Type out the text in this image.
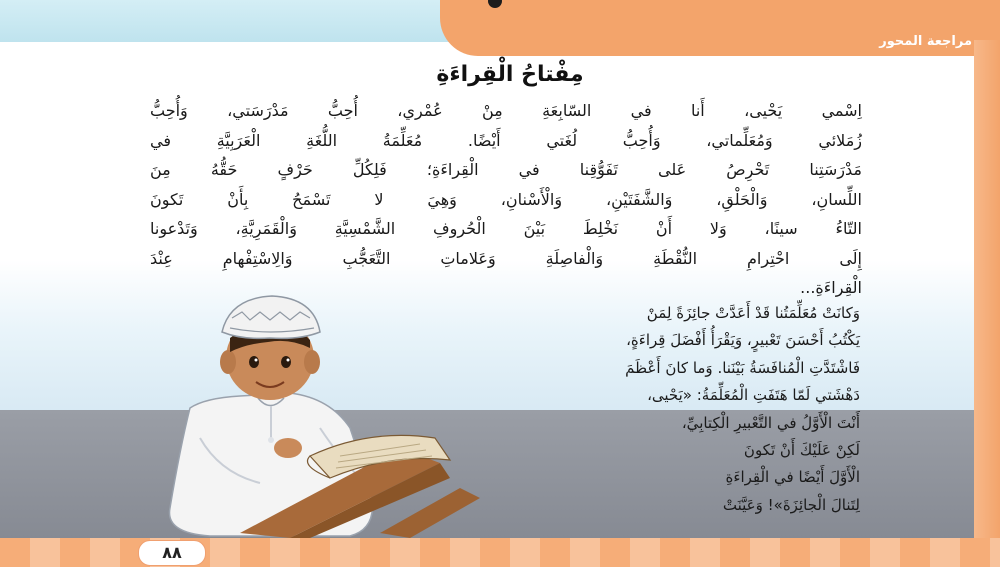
مراجعة المحور
مِفْتاحُ الْقِراءَةِ
اِسْمي يَحْيى، أَنا في السّابِعَةِ مِنْ عُمْري، أُحِبُّ مَدْرَسَتي، وَأُحِبُّ
زُمَلائي وَمُعَلِّماتي، وَأُحِبُّ لُغَتي أَيْضًا. مُعَلِّمَةُ اللُّغَةِ الْعَرَبِيَّةِ في
مَدْرَسَتِنا تَحْرِصُ عَلى تَفَوُّقِنا في الْقِراءَةِ؛ فَلِكُلِّ حَرْفٍ حَقُّهُ مِنَ
اللِّسانِ، وَالْحَلْقِ، وَالشَّفَتَيْنِ، وَالْأَسْنانِ، وَهِيَ لا تَسْمَحُ بِأَنْ تَكونَ
التّاءُ سينًا، وَلا أَنْ نَخْلِطَ بَيْنَ الْحُروفِ الشَّمْسِيَّةِ وَالْقَمَرِيَّةِ، وَتَدْعونا
إِلَى احْتِرامِ النُّقْطَةِ وَالْفاصِلَةِ وَعَلاماتِ التَّعَجُّبِ وَالِاسْتِفْهامِ عِنْدَ
الْقِراءَةِ...
وَكانَتْ مُعَلِّمَتُنا قَدْ أَعَدَّتْ جائِزَةً لِمَنْ
يَكْتُبُ أَحْسَنَ تَعْبيرٍ، وَيَقْرَأُ أَفْضَلَ قِراءَةٍ،
فَاشْتَدَّتِ الْمُنافَسَةُ بَيْنَنا. وَما كانَ أَعْظَمَ
دَهْشَتي لَمّا هَتَفَتِ الْمُعَلِّمَةُ: «يَحْيى،
أَنْتَ الْأَوَّلُ في التَّعْبيرِ الْكِتابِيِّ،
لَكِنْ عَلَيْكَ أَنْ تَكونَ
الْأَوَّلَ أَيْضًا في الْقِراءَةِ
لِتَنالَ الْجائِزَةَ»! وَعَيَّنَتْ
٨٨
